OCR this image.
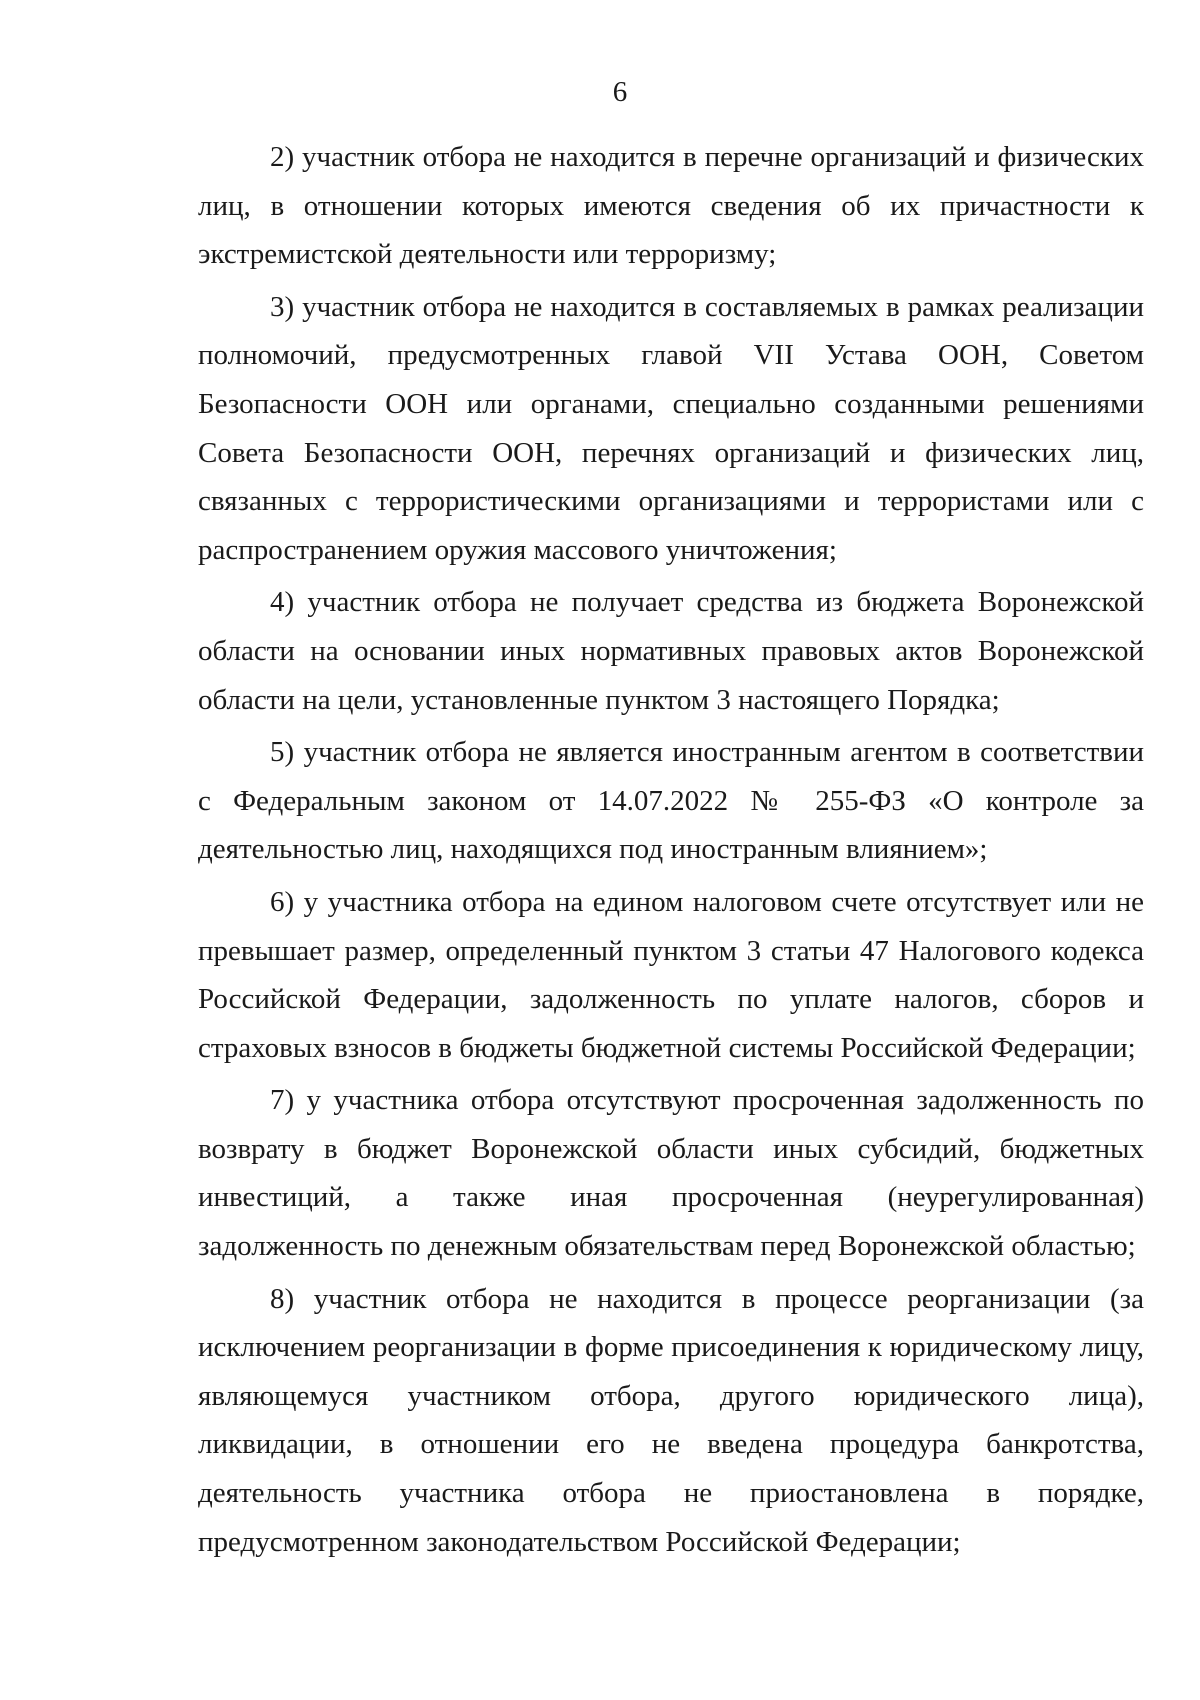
6

2) участник отбора не находится в перечне организаций и физических лиц, в отношении которых имеются сведения об их причастности к экстремистской деятельности или терроризму;

3) участник отбора не находится в составляемых в рамках реализации полномочий, предусмотренных главой VII Устава ООН, Советом Безопасности ООН или органами, специально созданными решениями Совета Безопасности ООН, перечнях организаций и физических лиц, связанных с террористическими организациями и террористами или с распространением оружия массового уничтожения;

4) участник отбора не получает средства из бюджета Воронежской области на основании иных нормативных правовых актов Воронежской области на цели, установленные пунктом 3 настоящего Порядка;

5) участник отбора не является иностранным агентом в соответствии с Федеральным законом от 14.07.2022 № 255-ФЗ «О контроле за деятельностью лиц, находящихся под иностранным влиянием»;

6) у участника отбора на едином налоговом счете отсутствует или не превышает размер, определенный пунктом 3 статьи 47 Налогового кодекса Российской Федерации, задолженность по уплате налогов, сборов и страховых взносов в бюджеты бюджетной системы Российской Федерации;

7) у участника отбора отсутствуют просроченная задолженность по возврату в бюджет Воронежской области иных субсидий, бюджетных инвестиций, а также иная просроченная (неурегулированная) задолженность по денежным обязательствам перед Воронежской областью;

8) участник отбора не находится в процессе реорганизации (за исключением реорганизации в форме присоединения к юридическому лицу, являющемуся участником отбора, другого юридического лица), ликвидации, в отношении его не введена процедура банкротства, деятельность участника отбора не приостановлена в порядке, предусмотренном законодательством Российской Федерации;
